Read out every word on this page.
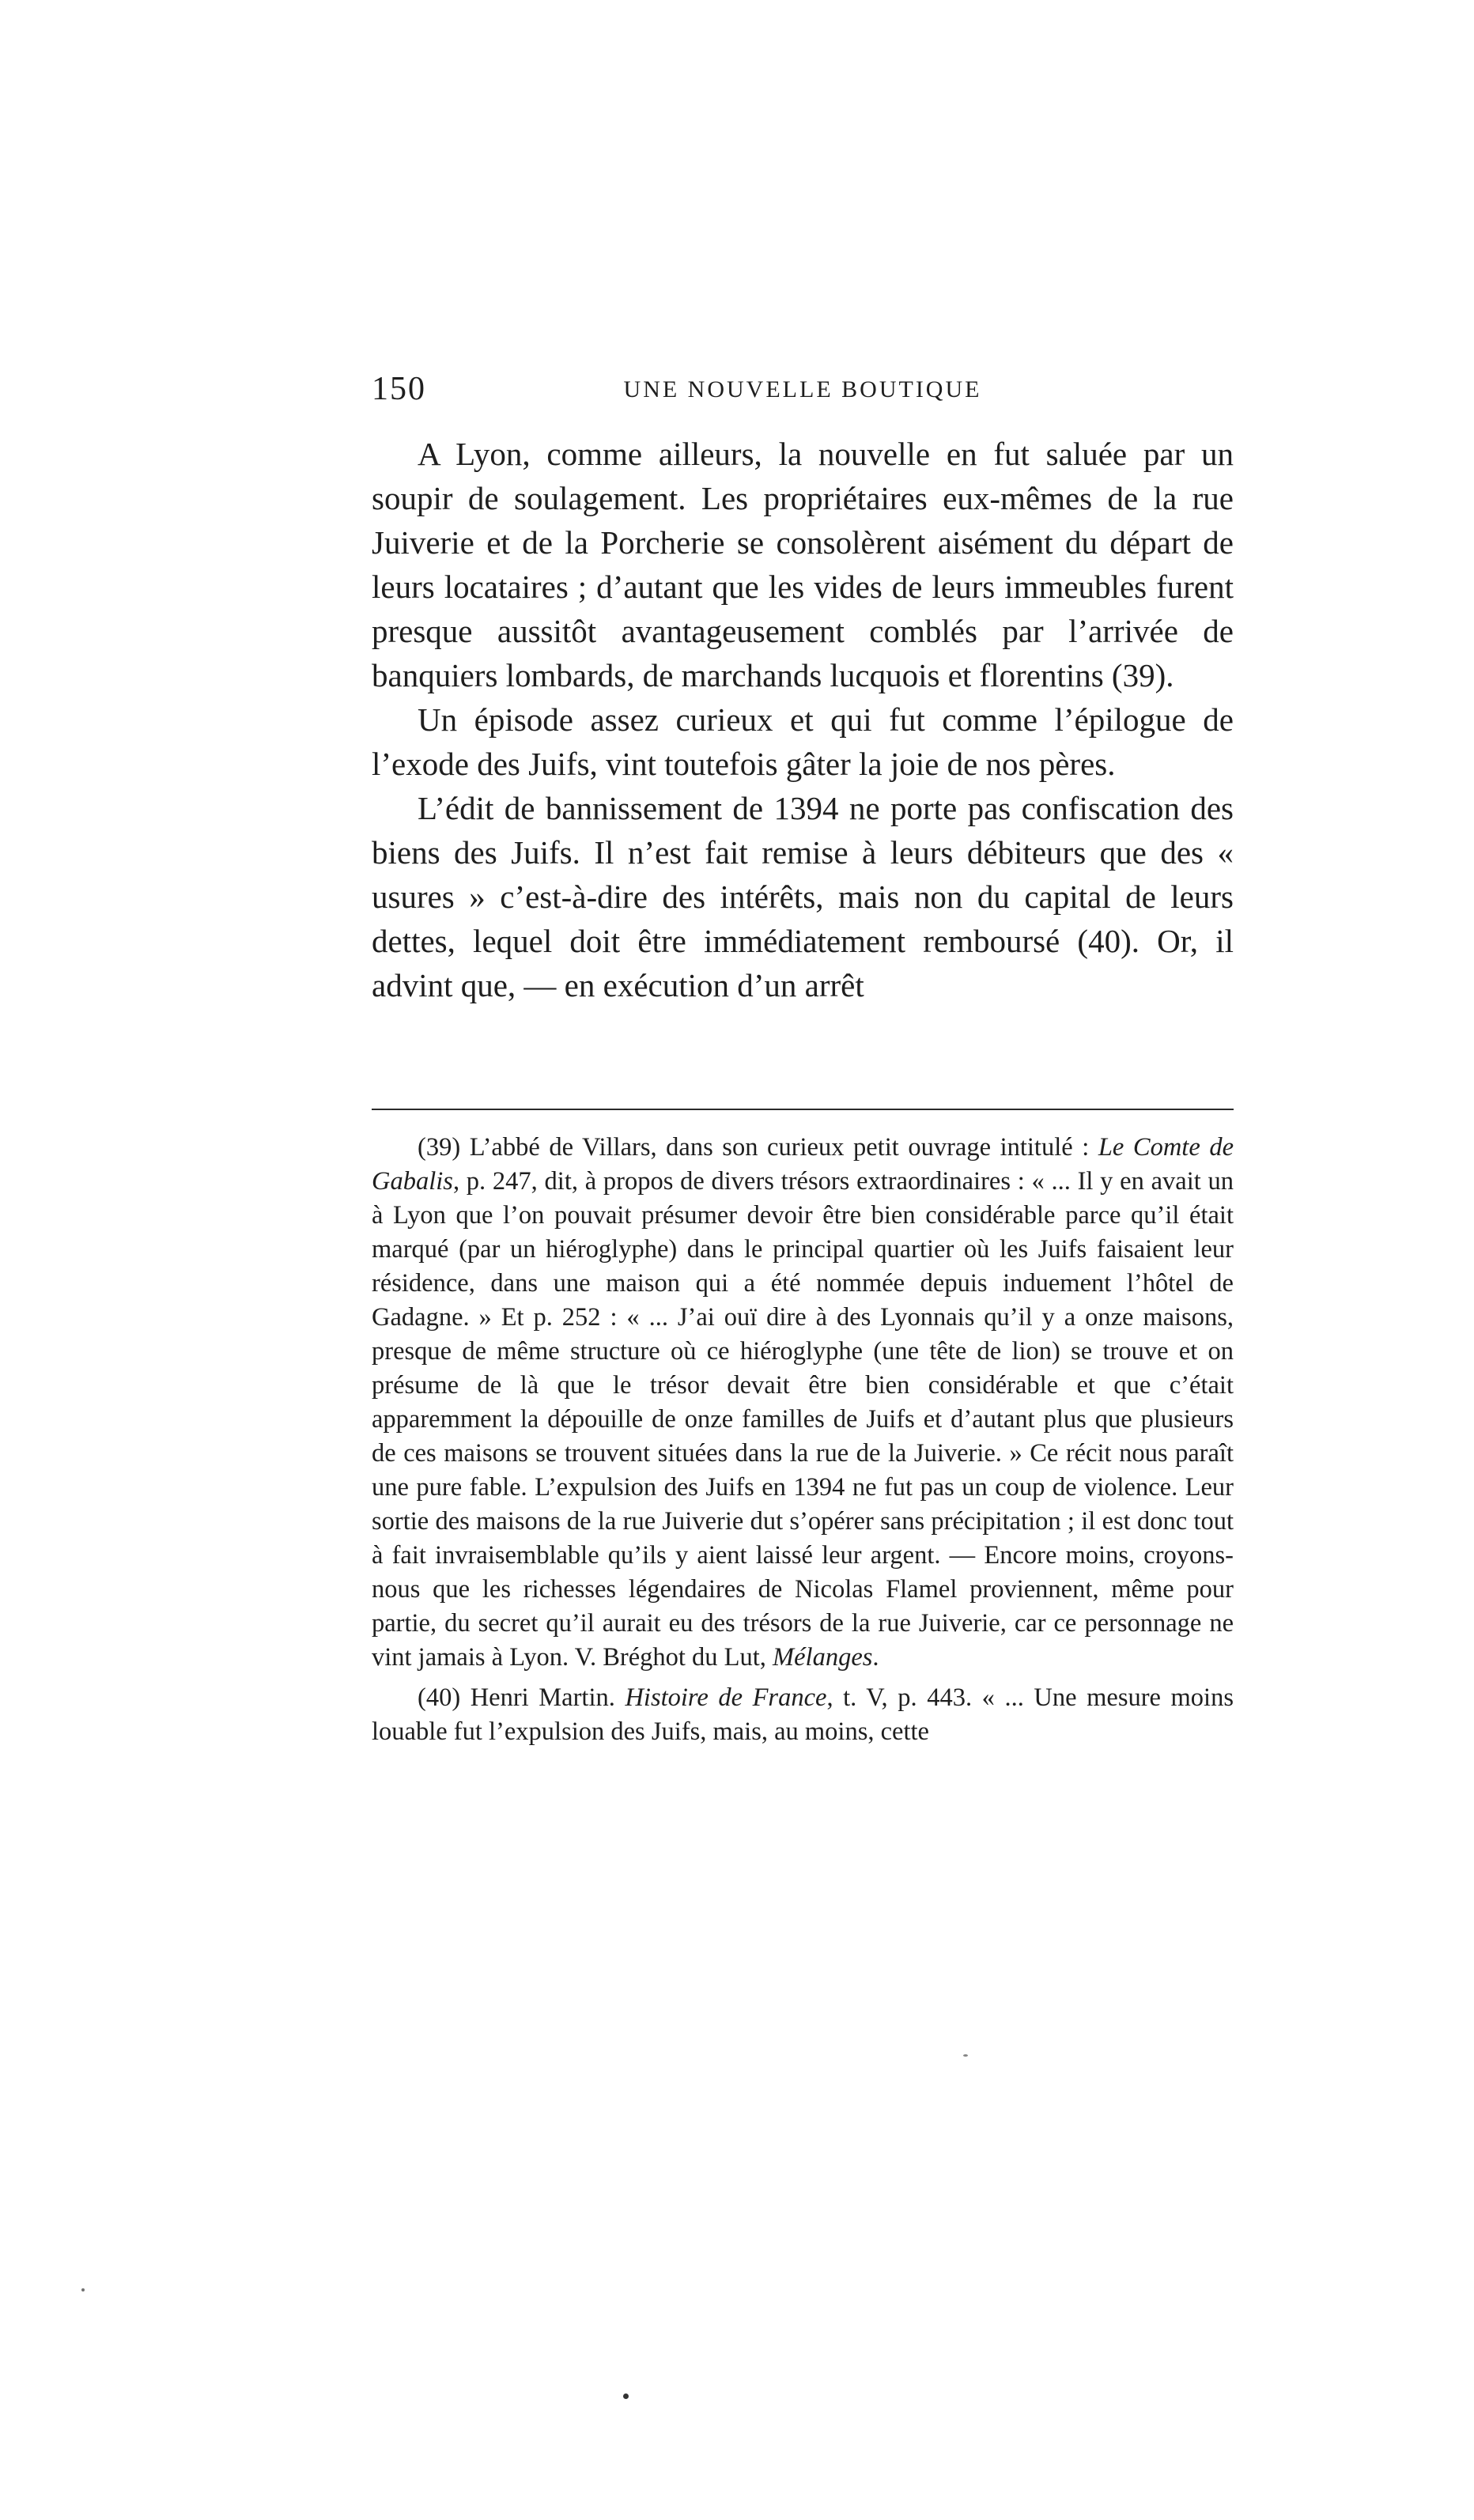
150	UNE NOUVELLE BOUTIQUE

A Lyon, comme ailleurs, la nouvelle en fut saluée par un soupir de soulagement. Les propriétaires eux-mêmes de la rue Juiverie et de la Porcherie se consolèrent aisément du départ de leurs locataires ; d’autant que les vides de leurs immeubles furent presque aussitôt avantageusement comblés par l’arrivée de banquiers lombards, de marchands lucquois et florentins (39).

Un épisode assez curieux et qui fut comme l’épilogue de l’exode des Juifs, vint toutefois gâter la joie de nos pères.

L’édit de bannissement de 1394 ne porte pas confiscation des biens des Juifs. Il n’est fait remise à leurs débiteurs que des « usures » c’est-à-dire des intérêts, mais non du capital de leurs dettes, lequel doit être immédiatement remboursé (40). Or, il advint que, — en exécution d’un arrêt

(39) L’abbé de Villars, dans son curieux petit ouvrage intitulé : Le Comte de Gabalis, p. 247, dit, à propos de divers trésors extraordinaires : « ... Il y en avait un à Lyon que l’on pouvait présumer devoir être bien considérable parce qu’il était marqué (par un hiéroglyphe) dans le principal quartier où les Juifs faisaient leur résidence, dans une maison qui a été nommée depuis induement l’hôtel de Gadagne. » Et p. 252 : « ... J’ai ouï dire à des Lyonnais qu’il y a onze maisons, presque de même structure où ce hiéroglyphe (une tête de lion) se trouve et on présume de là que le trésor devait être bien considérable et que c’était apparemment la dépouille de onze familles de Juifs et d’autant plus que plusieurs de ces maisons se trouvent situées dans la rue de la Juiverie. » Ce récit nous paraît une pure fable. L’expulsion des Juifs en 1394 ne fut pas un coup de violence. Leur sortie des maisons de la rue Juiverie dut s’opérer sans précipitation ; il est donc tout à fait invraisemblable qu’ils y aient laissé leur argent. — Encore moins, croyons-nous que les richesses légendaires de Nicolas Flamel proviennent, même pour partie, du secret qu’il aurait eu des trésors de la rue Juiverie, car ce personnage ne vint jamais à Lyon. V. Bréghot du Lut, Mélanges.

(40) Henri Martin. Histoire de France, t. V, p. 443. « ... Une mesure moins louable fut l’expulsion des Juifs, mais, au moins, cette
